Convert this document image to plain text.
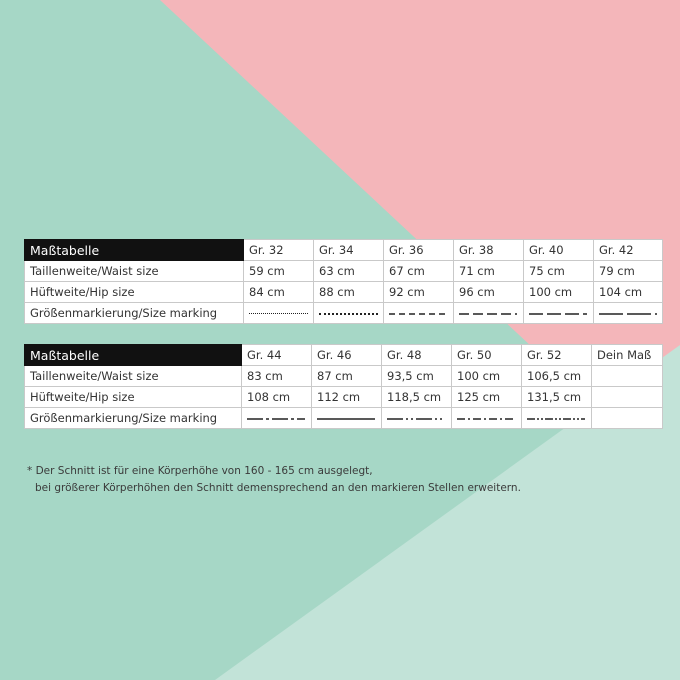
Maßtabelle	Gr. 32	Gr. 34	Gr. 36	Gr. 38	Gr. 40	Gr. 42
Taillenweite/Waist size	59 cm	63 cm	67 cm	71 cm	75 cm	79 cm
Hüftweite/Hip size	84 cm	88 cm	92 cm	96 cm	100 cm	104 cm
Größenmarkierung/Size marking	

Maßtabelle	Gr. 44	Gr. 46	Gr. 48	Gr. 50	Gr. 52	Dein Maß
Taillenweite/Waist size	83 cm	87 cm	93,5 cm	100 cm	106,5 cm	
Hüftweite/Hip size	108 cm	112 cm	118,5 cm	125 cm	131,5 cm	
Größenmarkierung/Size marking						
* Der Schnitt ist für eine Körperhöhe von 160 - 165 cm ausgelegt,
bei größerer Körperhöhen den Schnitt demensprechend an den markieren Stellen erweitern.
